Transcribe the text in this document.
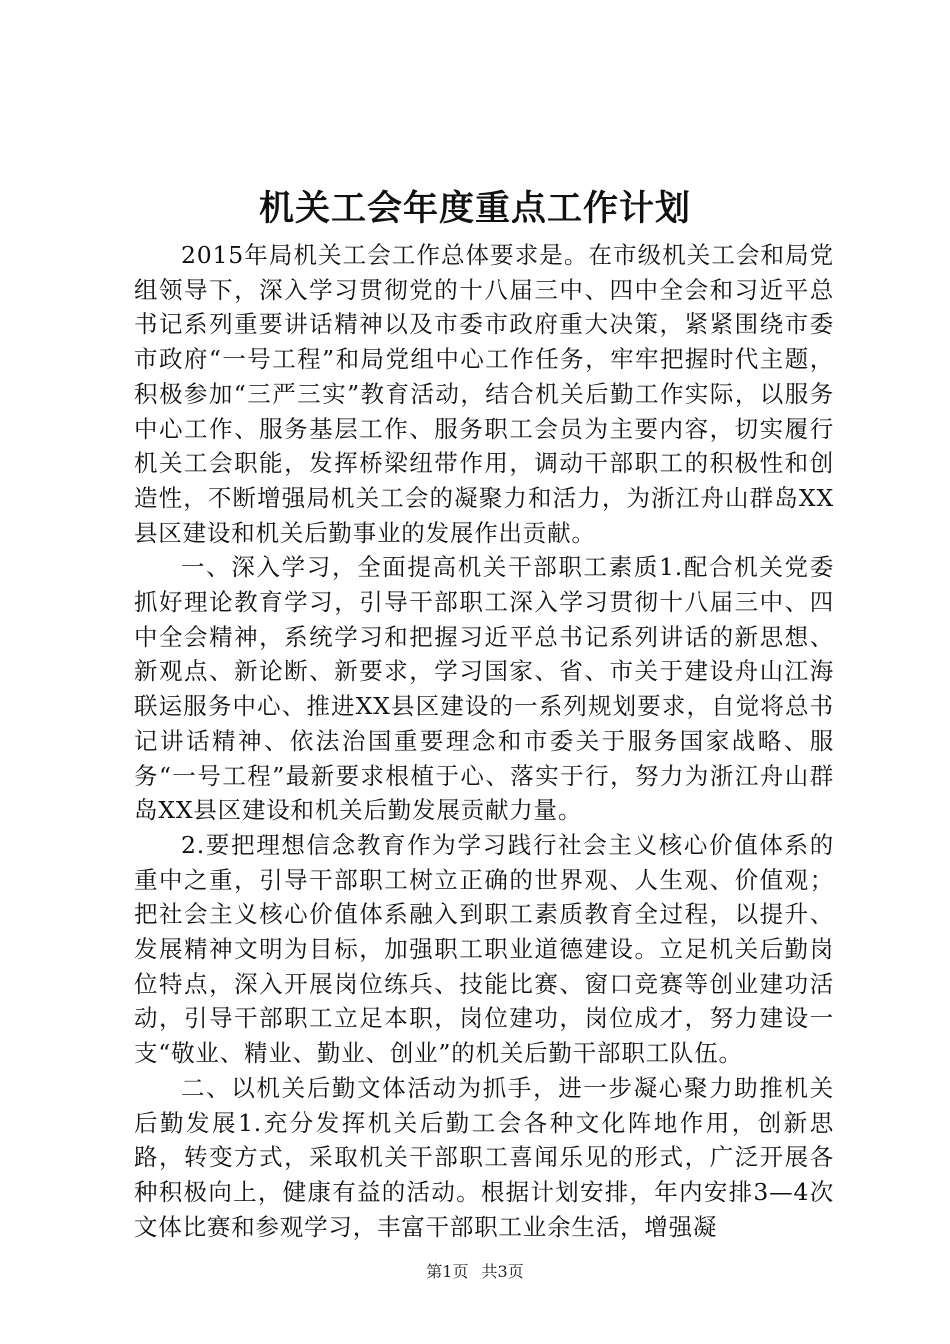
机关工会年度重点工作计划

2015年局机关工会工作总体要求是。在市级机关工会和局党组领导下，深入学习贯彻党的十八届三中、四中全会和习近平总书记系列重要讲话精神以及市委市政府重大决策，紧紧围绕市委市政府“一号工程”和局党组中心工作任务，牢牢把握时代主题，积极参加“三严三实”教育活动，结合机关后勤工作实际，以服务中心工作、服务基层工作、服务职工会员为主要内容，切实履行机关工会职能，发挥桥梁纽带作用，调动干部职工的积极性和创造性，不断增强局机关工会的凝聚力和活力，为浙江舟山群岛XX县区建设和机关后勤事业的发展作出贡献。

一、深入学习，全面提高机关干部职工素质1.配合机关党委抓好理论教育学习，引导干部职工深入学习贯彻十八届三中、四中全会精神，系统学习和把握习近平总书记系列讲话的新思想、新观点、新论断、新要求，学习国家、省、市关于建设舟山江海联运服务中心、推进XX县区建设的一系列规划要求，自觉将总书记讲话精神、依法治国重要理念和市委关于服务国家战略、服务“一号工程”最新要求根植于心、落实于行，努力为浙江舟山群岛XX县区建设和机关后勤发展贡献力量。

2.要把理想信念教育作为学习践行社会主义核心价值体系的重中之重，引导干部职工树立正确的世界观、人生观、价值观；把社会主义核心价值体系融入到职工素质教育全过程，以提升、发展精神文明为目标，加强职工职业道德建设。立足机关后勤岗位特点，深入开展岗位练兵、技能比赛、窗口竞赛等创业建功活动，引导干部职工立足本职，岗位建功，岗位成才，努力建设一支“敬业、精业、勤业、创业”的机关后勤干部职工队伍。

二、以机关后勤文体活动为抓手，进一步凝心聚力助推机关后勤发展1.充分发挥机关后勤工会各种文化阵地作用，创新思路，转变方式，采取机关干部职工喜闻乐见的形式，广泛开展各种积极向上，健康有益的活动。根据计划安排，年内安排3—4次文体比赛和参观学习，丰富干部职工业余生活，增强凝

第1页 共3页
